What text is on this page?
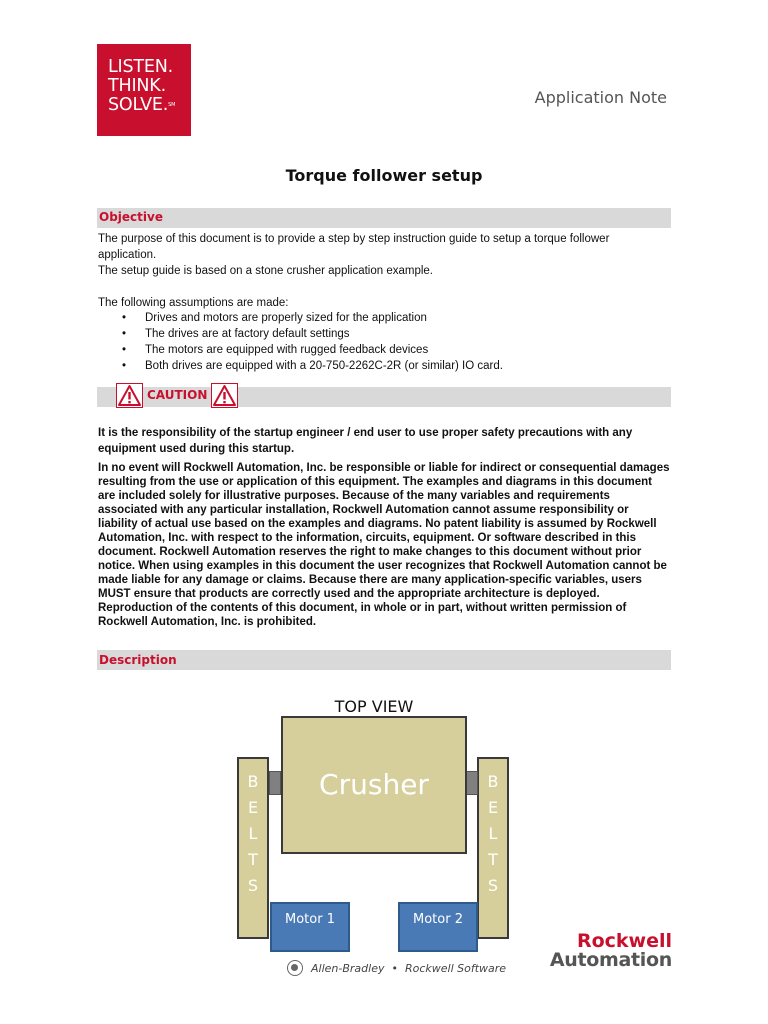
LISTEN.
THINK.
SOLVE.℠	Application Note
Torque follower setup
Objective
The purpose of this document is to provide a step by step instruction guide to setup a torque follower application.
The setup guide is based on a stone crusher application example.
The following assumptions are made:
• Drives and motors are properly sized for the application
• The drives are at factory default settings
• The motors are equipped with rugged feedback devices
• Both drives are equipped with a 20-750-2262C-2R (or similar) IO card.
CAUTION
It is the responsibility of the startup engineer / end user to use proper safety precautions with any equipment used during this startup.
In no event will Rockwell Automation, Inc. be responsible or liable for indirect or consequential damages resulting from the use or application of this equipment. The examples and diagrams in this document are included solely for illustrative purposes. Because of the many variables and requirements associated with any particular installation, Rockwell Automation cannot assume responsibility or liability of actual use based on the examples and diagrams. No patent liability is assumed by Rockwell Automation, Inc. with respect to the information, circuits, equipment. Or software described in this document. Rockwell Automation reserves the right to make changes to this document without prior notice. When using examples in this document the user recognizes that Rockwell Automation cannot be made liable for any damage or claims. Because there are many application-specific variables, users MUST ensure that products are correctly used and the appropriate architecture is deployed. Reproduction of the contents of this document, in whole or in part, without written permission of Rockwell Automation, Inc. is prohibited.
Description
TOP VIEW
B
E
L
T
S
B
E
L
T
S
Crusher
Motor 1	Motor 2
Allen-Bradley • Rockwell Software
Rockwell
Automation
